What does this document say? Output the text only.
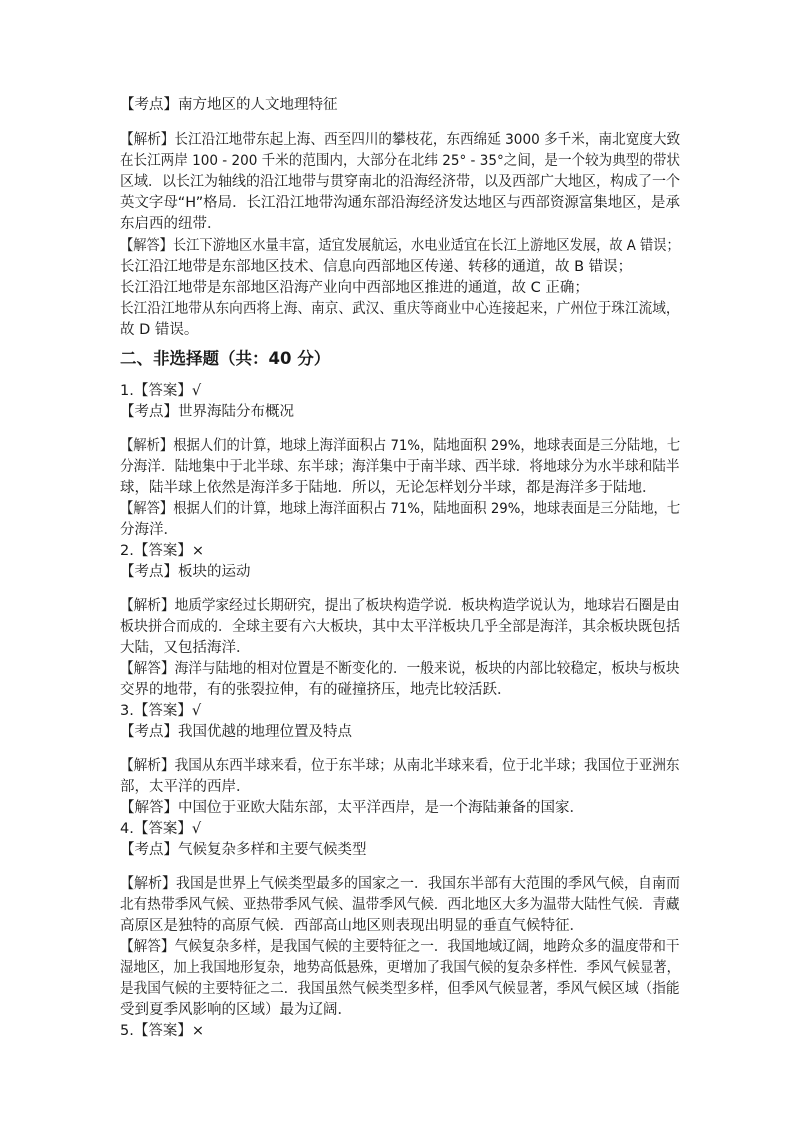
【考点】南方地区的人文地理特征
【解析】长江沿江地带东起上海、西至四川的攀枝花，东西绵延 3000 多千米，南北宽度大致
在长江两岸 100 - 200 千米的范围内，大部分在北纬 25° - 35°之间，是一个较为典型的带状
区域．以长江为轴线的沿江地带与贯穿南北的沿海经济带，以及西部广大地区，构成了一个
英文字母“H”格局．长江沿江地带沟通东部沿海经济发达地区与西部资源富集地区，是承
东启西的纽带．
【解答】长江下游地区水量丰富，适宜发展航运，水电业适宜在长江上游地区发展，故 A 错误；
长江沿江地带是东部地区技术、信息向西部地区传递、转移的通道，故 B 错误；
长江沿江地带是东部地区沿海产业向中西部地区推进的通道，故 C 正确；
长江沿江地带从东向西将上海、南京、武汉、重庆等商业中心连接起来，广州位于珠江流域，
故 D 错误。
二、非选择题（共：40 分）
1.【答案】√
【考点】世界海陆分布概况
【解析】根据人们的计算，地球上海洋面积占 71%，陆地面积 29%，地球表面是三分陆地，七
分海洋．陆地集中于北半球、东半球；海洋集中于南半球、西半球．将地球分为水半球和陆半
球，陆半球上依然是海洋多于陆地．所以，无论怎样划分半球，都是海洋多于陆地．
【解答】根据人们的计算，地球上海洋面积占 71%，陆地面积 29%，地球表面是三分陆地，七
分海洋．
2.【答案】×
【考点】板块的运动
【解析】地质学家经过长期研究，提出了板块构造学说．板块构造学说认为，地球岩石圈是由
板块拼合而成的．全球主要有六大板块，其中太平洋板块几乎全部是海洋，其余板块既包括
大陆，又包括海洋．
【解答】海洋与陆地的相对位置是不断变化的．一般来说，板块的内部比较稳定，板块与板块
交界的地带，有的张裂拉伸，有的碰撞挤压，地壳比较活跃．
3.【答案】√
【考点】我国优越的地理位置及特点
【解析】我国从东西半球来看，位于东半球；从南北半球来看，位于北半球；我国位于亚洲东
部，太平洋的西岸．
【解答】中国位于亚欧大陆东部，太平洋西岸，是一个海陆兼备的国家．
4.【答案】√
【考点】气候复杂多样和主要气候类型
【解析】我国是世界上气候类型最多的国家之一．我国东半部有大范围的季风气候，自南而
北有热带季风气候、亚热带季风气候、温带季风气候．西北地区大多为温带大陆性气候．青藏
高原区是独特的高原气候．西部高山地区则表现出明显的垂直气候特征．
【解答】气候复杂多样，是我国气候的主要特征之一．我国地域辽阔，地跨众多的温度带和干
湿地区，加上我国地形复杂，地势高低悬殊，更增加了我国气候的复杂多样性．季风气候显著，
是我国气候的主要特征之二．我国虽然气候类型多样，但季风气候显著，季风气候区域（指能
受到夏季风影响的区域）最为辽阔．
5.【答案】×
